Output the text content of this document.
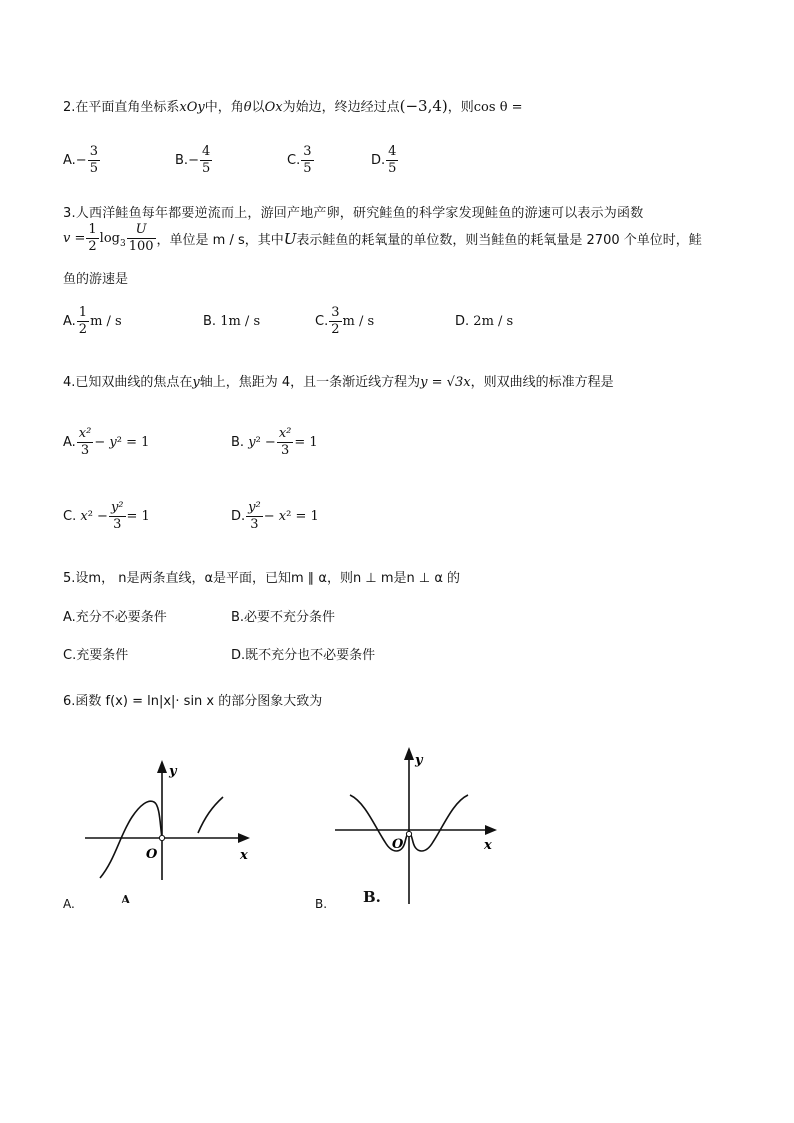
2.在平面直角坐标系xOy中，角θ以Ox为始边，终边经过点(−3,4)，则cos θ =
A. − $\frac{3}{5}$	B. − $\frac{4}{5}$	C. $\frac{3}{5}$	D. $\frac{4}{5}$
3.人西洋鲑鱼每年都要逆流而上，游回产地产卵，研究鲑鱼的科学家发现鲑鱼的游速可以表示为函数
$v = \frac{1}{2} \log_3 \frac{U}{100}$ ，单位是 m / s，其中 U 表示鲑鱼的耗氧量的单位数，则当鲑鱼的耗氧量是 2700 个单位时，鲑
鱼的游速是
A. $\frac{1}{2}$ m / s	B.
1m / s	C. $\frac{3}{2}$ m / s	D.
2m / s
4.已知双曲线的焦点在y轴上，焦距为 4，且一条渐近线方程为y = √3x，则双曲线的标准方程是
A. $\frac{\text{x²}}{3} - y$ ² = 1	B.
y $^2 - \frac{\text{x²}}{3} = 1$
C.
x $^2 - \frac{\text{y²}}{3} = 1$	D. $\frac{\text{y²}}{3} - x$ ² = 1
5.设m， n是两条直线，α是平面，已知m ∥ α，则n ⊥ m是n ⊥ α 的
A.充分不必要条件	B.必要不充分条件
C.充要条件	D.既不充分也不必要条件
6.函数 f(x) = ln|x|· sin x 的部分图象大致为
y
x
O
A.	A
y
x
O
B. B.
